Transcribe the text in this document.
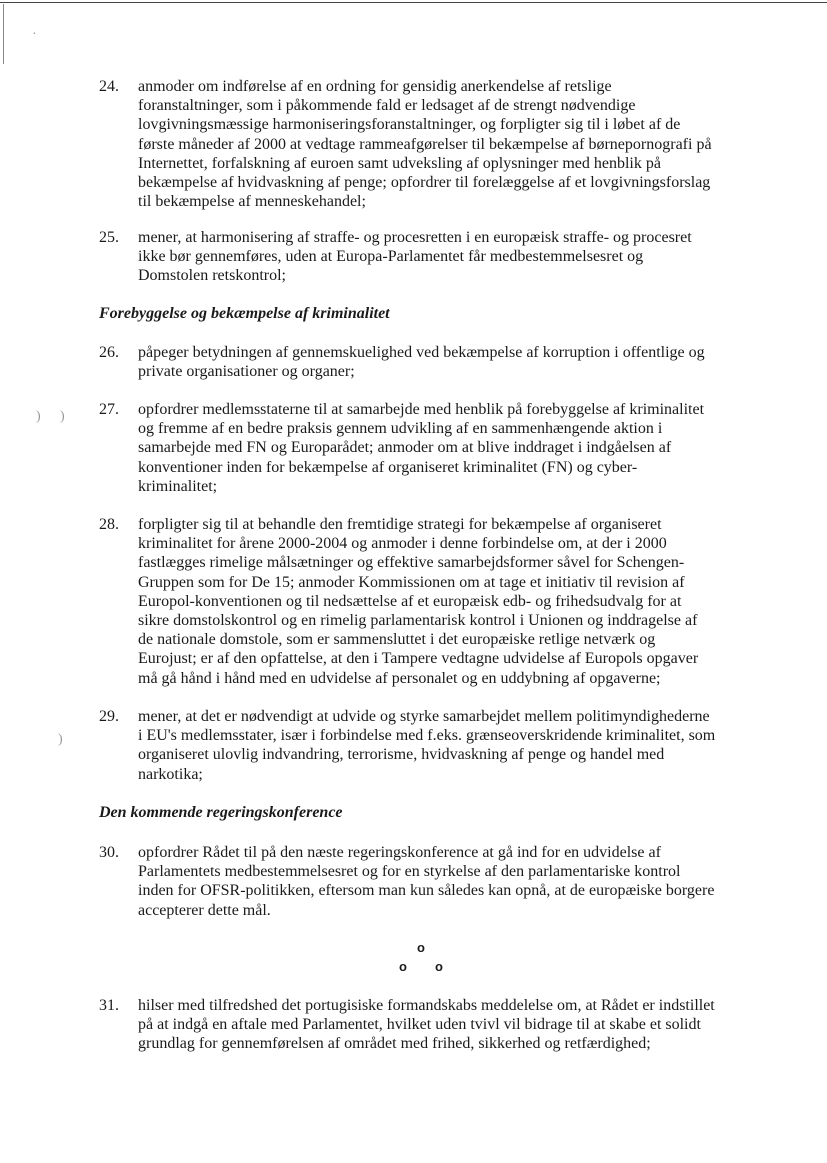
·
) )
)
24. anmoder om indførelse af en ordning for gensidig anerkendelse af retslige
foranstaltninger, som i påkommende fald er ledsaget af de strengt nødvendige
lovgivningsmæssige harmoniseringsforanstaltninger, og forpligter sig til i løbet af de
første måneder af 2000 at vedtage rammeafgørelser til bekæmpelse af børnepornografi på
Internettet, forfalskning af euroen samt udveksling af oplysninger med henblik på
bekæmpelse af hvidvaskning af penge; opfordrer til forelæggelse af et lovgivningsforslag
til bekæmpelse af menneskehandel;
25. mener, at harmonisering af straffe- og procesretten i en europæisk straffe- og procesret
ikke bør gennemføres, uden at Europa-Parlamentet får medbestemmelsesret og
Domstolen retskontrol;
Forebyggelse og bekæmpelse af kriminalitet
26. påpeger betydningen af gennemskuelighed ved bekæmpelse af korruption i offentlige og
private organisationer og organer;
27. opfordrer medlemsstaterne til at samarbejde med henblik på forebyggelse af kriminalitet
og fremme af en bedre praksis gennem udvikling af en sammenhængende aktion i
samarbejde med FN og Europarådet; anmoder om at blive inddraget i indgåelsen af
konventioner inden for bekæmpelse af organiseret kriminalitet (FN) og cyber-
kriminalitet;
28. forpligter sig til at behandle den fremtidige strategi for bekæmpelse af organiseret
kriminalitet for årene 2000-2004 og anmoder i denne forbindelse om, at der i 2000
fastlægges rimelige målsætninger og effektive samarbejdsformer såvel for Schengen-
Gruppen som for De 15; anmoder Kommissionen om at tage et initiativ til revision af
Europol-konventionen og til nedsættelse af et europæisk edb- og frihedsudvalg for at
sikre domstolskontrol og en rimelig parlamentarisk kontrol i Unionen og inddragelse af
de nationale domstole, som er sammensluttet i det europæiske retlige netværk og
Eurojust; er af den opfattelse, at den i Tampere vedtagne udvidelse af Europols opgaver
må gå hånd i hånd med en udvidelse af personalet og en uddybning af opgaverne;
29. mener, at det er nødvendigt at udvide og styrke samarbejdet mellem politimyndighederne
i EU's medlemsstater, især i forbindelse med f.eks. grænseoverskridende kriminalitet, som
organiseret ulovlig indvandring, terrorisme, hvidvaskning af penge og handel med
narkotika;
Den kommende regeringskonference
30. opfordrer Rådet til på den næste regeringskonference at gå ind for en udvidelse af
Parlamentets medbestemmelsesret og for en styrkelse af den parlamentariske kontrol
inden for OFSR-politikken, eftersom man kun således kan opnå, at de europæiske borgere
accepterer dette mål.
o
o o
31. hilser med tilfredshed det portugisiske formandskabs meddelelse om, at Rådet er indstillet
på at indgå en aftale med Parlamentet, hvilket uden tvivl vil bidrage til at skabe et solidt
grundlag for gennemførelsen af området med frihed, sikkerhed og retfærdighed;
